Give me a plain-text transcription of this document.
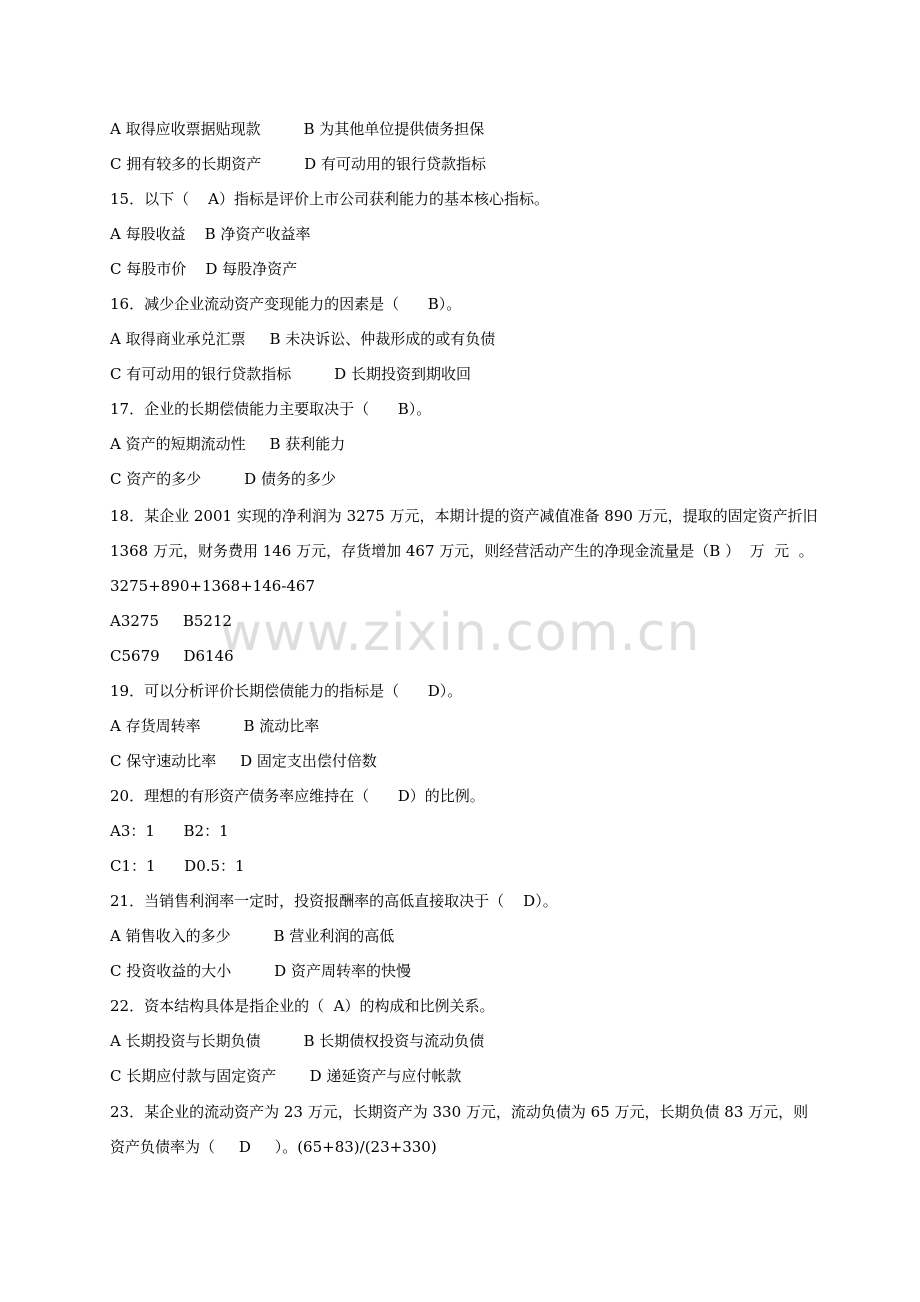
www.zixin.com.cn
A 取得应收票据贴现款         B 为其他单位提供债务担保
C 拥有较多的长期资产         D 有可动用的银行贷款指标
15．以下（    A）指标是评价上市公司获利能力的基本核心指标。
A 每股收益    B 净资产收益率
C 每股市价    D 每股净资产
16．减少企业流动资产变现能力的因素是（      B）。
A 取得商业承兑汇票     B 未决诉讼、仲裁形成的或有负债
C 有可动用的银行贷款指标         D 长期投资到期收回
17．企业的长期偿债能力主要取决于（      B）。
A 资产的短期流动性     B 获利能力
C 资产的多少         D 债务的多少
18．某企业 2001 实现的净利润为 3275 万元，本期计提的资产减值准备 890 万元，提取的固定资产折旧
1368 万元，财务费用 146 万元，存货增加 467 万元，则经营活动产生的净现金流量是（B ）  万  元  。
3275+890+1368+146-467
A3275     B5212
C5679     D6146
19．可以分析评价长期偿债能力的指标是（      D）。
A 存货周转率         B 流动比率
C 保守速动比率     D 固定支出偿付倍数
20．理想的有形资产债务率应维持在（      D）的比例。
A3：1      B2：1
C1：1      D0.5：1
21．当销售利润率一定时，投资报酬率的高低直接取决于（    D）。
A 销售收入的多少         B 营业利润的高低
C 投资收益的大小         D 资产周转率的快慢
22．资本结构具体是指企业的（  A）的构成和比例关系。
A 长期投资与长期负债         B 长期债权投资与流动负债
C 长期应付款与固定资产       D 递延资产与应付帐款
23．某企业的流动资产为 23 万元，长期资产为 330 万元，流动负债为 65 万元，长期负债 83 万元，则
资产负债率为（     D     ）。(65+83)/(23+330)
